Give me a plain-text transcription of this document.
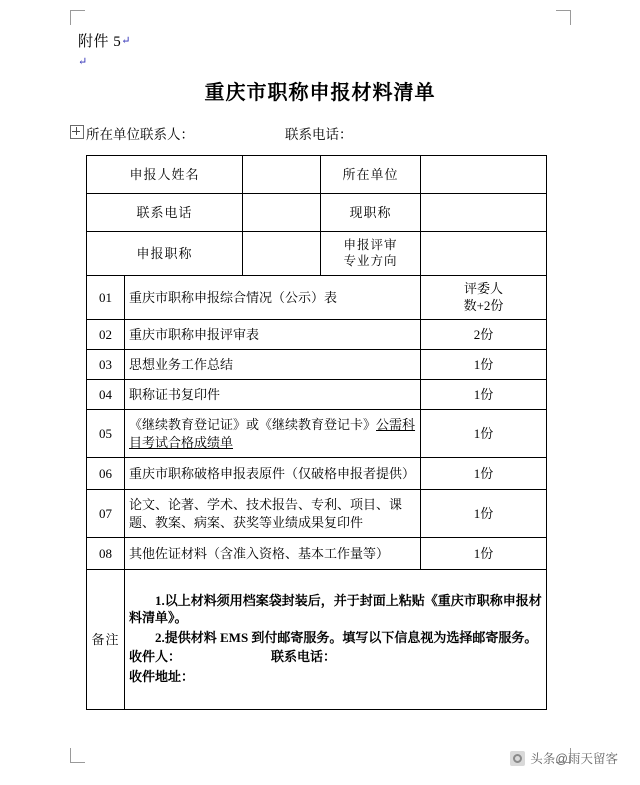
附件 5↵
↵
重庆市职称申报材料清单
所在单位联系人：	联系电话：
申报人姓名			所在单位	
联系电话			现职称	
申报职称			申报评审
专业方向	
01	重庆市职称申报综合情况（公示）表			评委人
数+2份
02	重庆市职称申报评审表			2份
03	思想业务工作总结			1份
04	职称证书复印件			1份
05	《继续教育登记证》或《继续教育登记卡》公需科目考试合格成绩单			1份
06	重庆市职称破格申报表原件（仅破格申报者提供）			1份
07	论文、论著、学术、技术报告、专利、项目、课题、教案、病案、获奖等业绩成果复印件			1份
08	其他佐证材料（含准入资格、基本工作量等）			1份
备注	1.以上材料须用档案袋封装后，并于封面上粘贴《重庆市职称申报材料清单》。

2.提供材料 EMS 到付邮寄服务。填写以下信息视为选择邮寄服务。

收件人： 联系电话：

收件地址：			

头条@雨天留客
